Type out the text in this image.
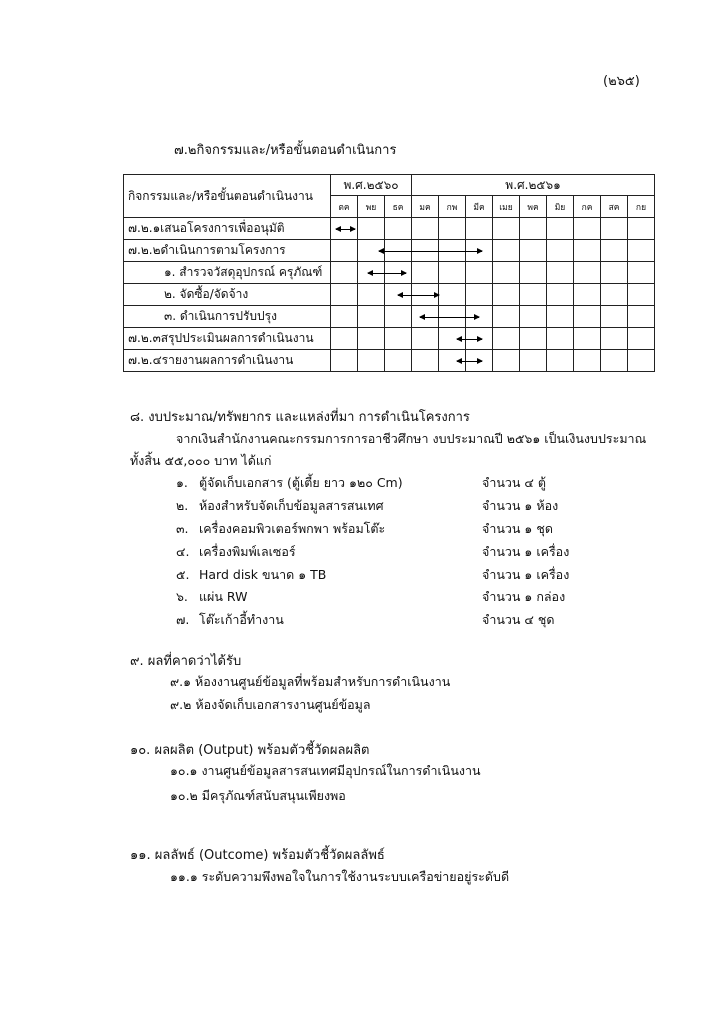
(๒๖๕)
๗.๒กิจกรรมและ/หรือขั้นตอนดำเนินการ
กิจกรรมและ/หรือขั้นตอนดำเนินงาน	พ.ศ.๒๕๖๐			พ.ศ.๒๕๖๑								
	ตค	พย	ธค	มค	กพ	มีค	เมย	พค	มิย	กค	สค	กย
๗.๒.๑เสนอโครงการเพื่ออนุมัติ												
๗.๒.๒ดำเนินการตามโครงการ												
๑. สำรวจวัสดุอุปกรณ์ ครุภัณฑ์												
๒. จัดซื้อ/จัดจ้าง												
๓. ดำเนินการปรับปรุง												
๗.๒.๓สรุปประเมินผลการดำเนินงาน												
๗.๒.๔รายงานผลการดำเนินงาน												
๘. งบประมาณ/ทรัพยากร และแหล่งที่มา การดำเนินโครงการ
จากเงินสำนักงานคณะกรรมการการอาชีวศึกษา งบประมาณปี ๒๕๖๑ เป็นเงินงบประมาณ
ทั้งสิ้น ๕๕,๐๐๐ บาท ได้แก่
๑. ตู้จัดเก็บเอกสาร (ตู้เตี้ย ยาว ๑๒๐ Cm)	จำนวน ๔ ตู้
๒. ห้องสำหรับจัดเก็บข้อมูลสารสนเทศ	จำนวน ๑ ห้อง
๓. เครื่องคอมพิวเตอร์พกพา พร้อมโต๊ะ	จำนวน ๑ ชุด
๔. เครื่องพิมพ์เลเซอร์	จำนวน ๑ เครื่อง
๕. Hard disk ขนาด ๑ TB	จำนวน ๑ เครื่อง
๖. แผ่น RW	จำนวน ๑ กล่อง
๗. โต๊ะเก้าอี้ทำงาน	จำนวน ๔ ชุด
๙. ผลที่คาดว่าได้รับ
๙.๑ ห้องงานศูนย์ข้อมูลที่พร้อมสำหรับการดำเนินงาน
๙.๒ ห้องจัดเก็บเอกสารงานศูนย์ข้อมูล
๑๐. ผลผลิต (Output) พร้อมตัวชี้วัดผลผลิต
๑๐.๑ งานศูนย์ข้อมูลสารสนเทศมีอุปกรณ์ในการดำเนินงาน
๑๐.๒ มีครุภัณฑ์สนับสนุนเพียงพอ
๑๑. ผลลัพธ์ (Outcome) พร้อมตัวชี้วัดผลลัพธ์
๑๑.๑ ระดับความพึงพอใจในการใช้งานระบบเครือข่ายอยู่ระดับดี
